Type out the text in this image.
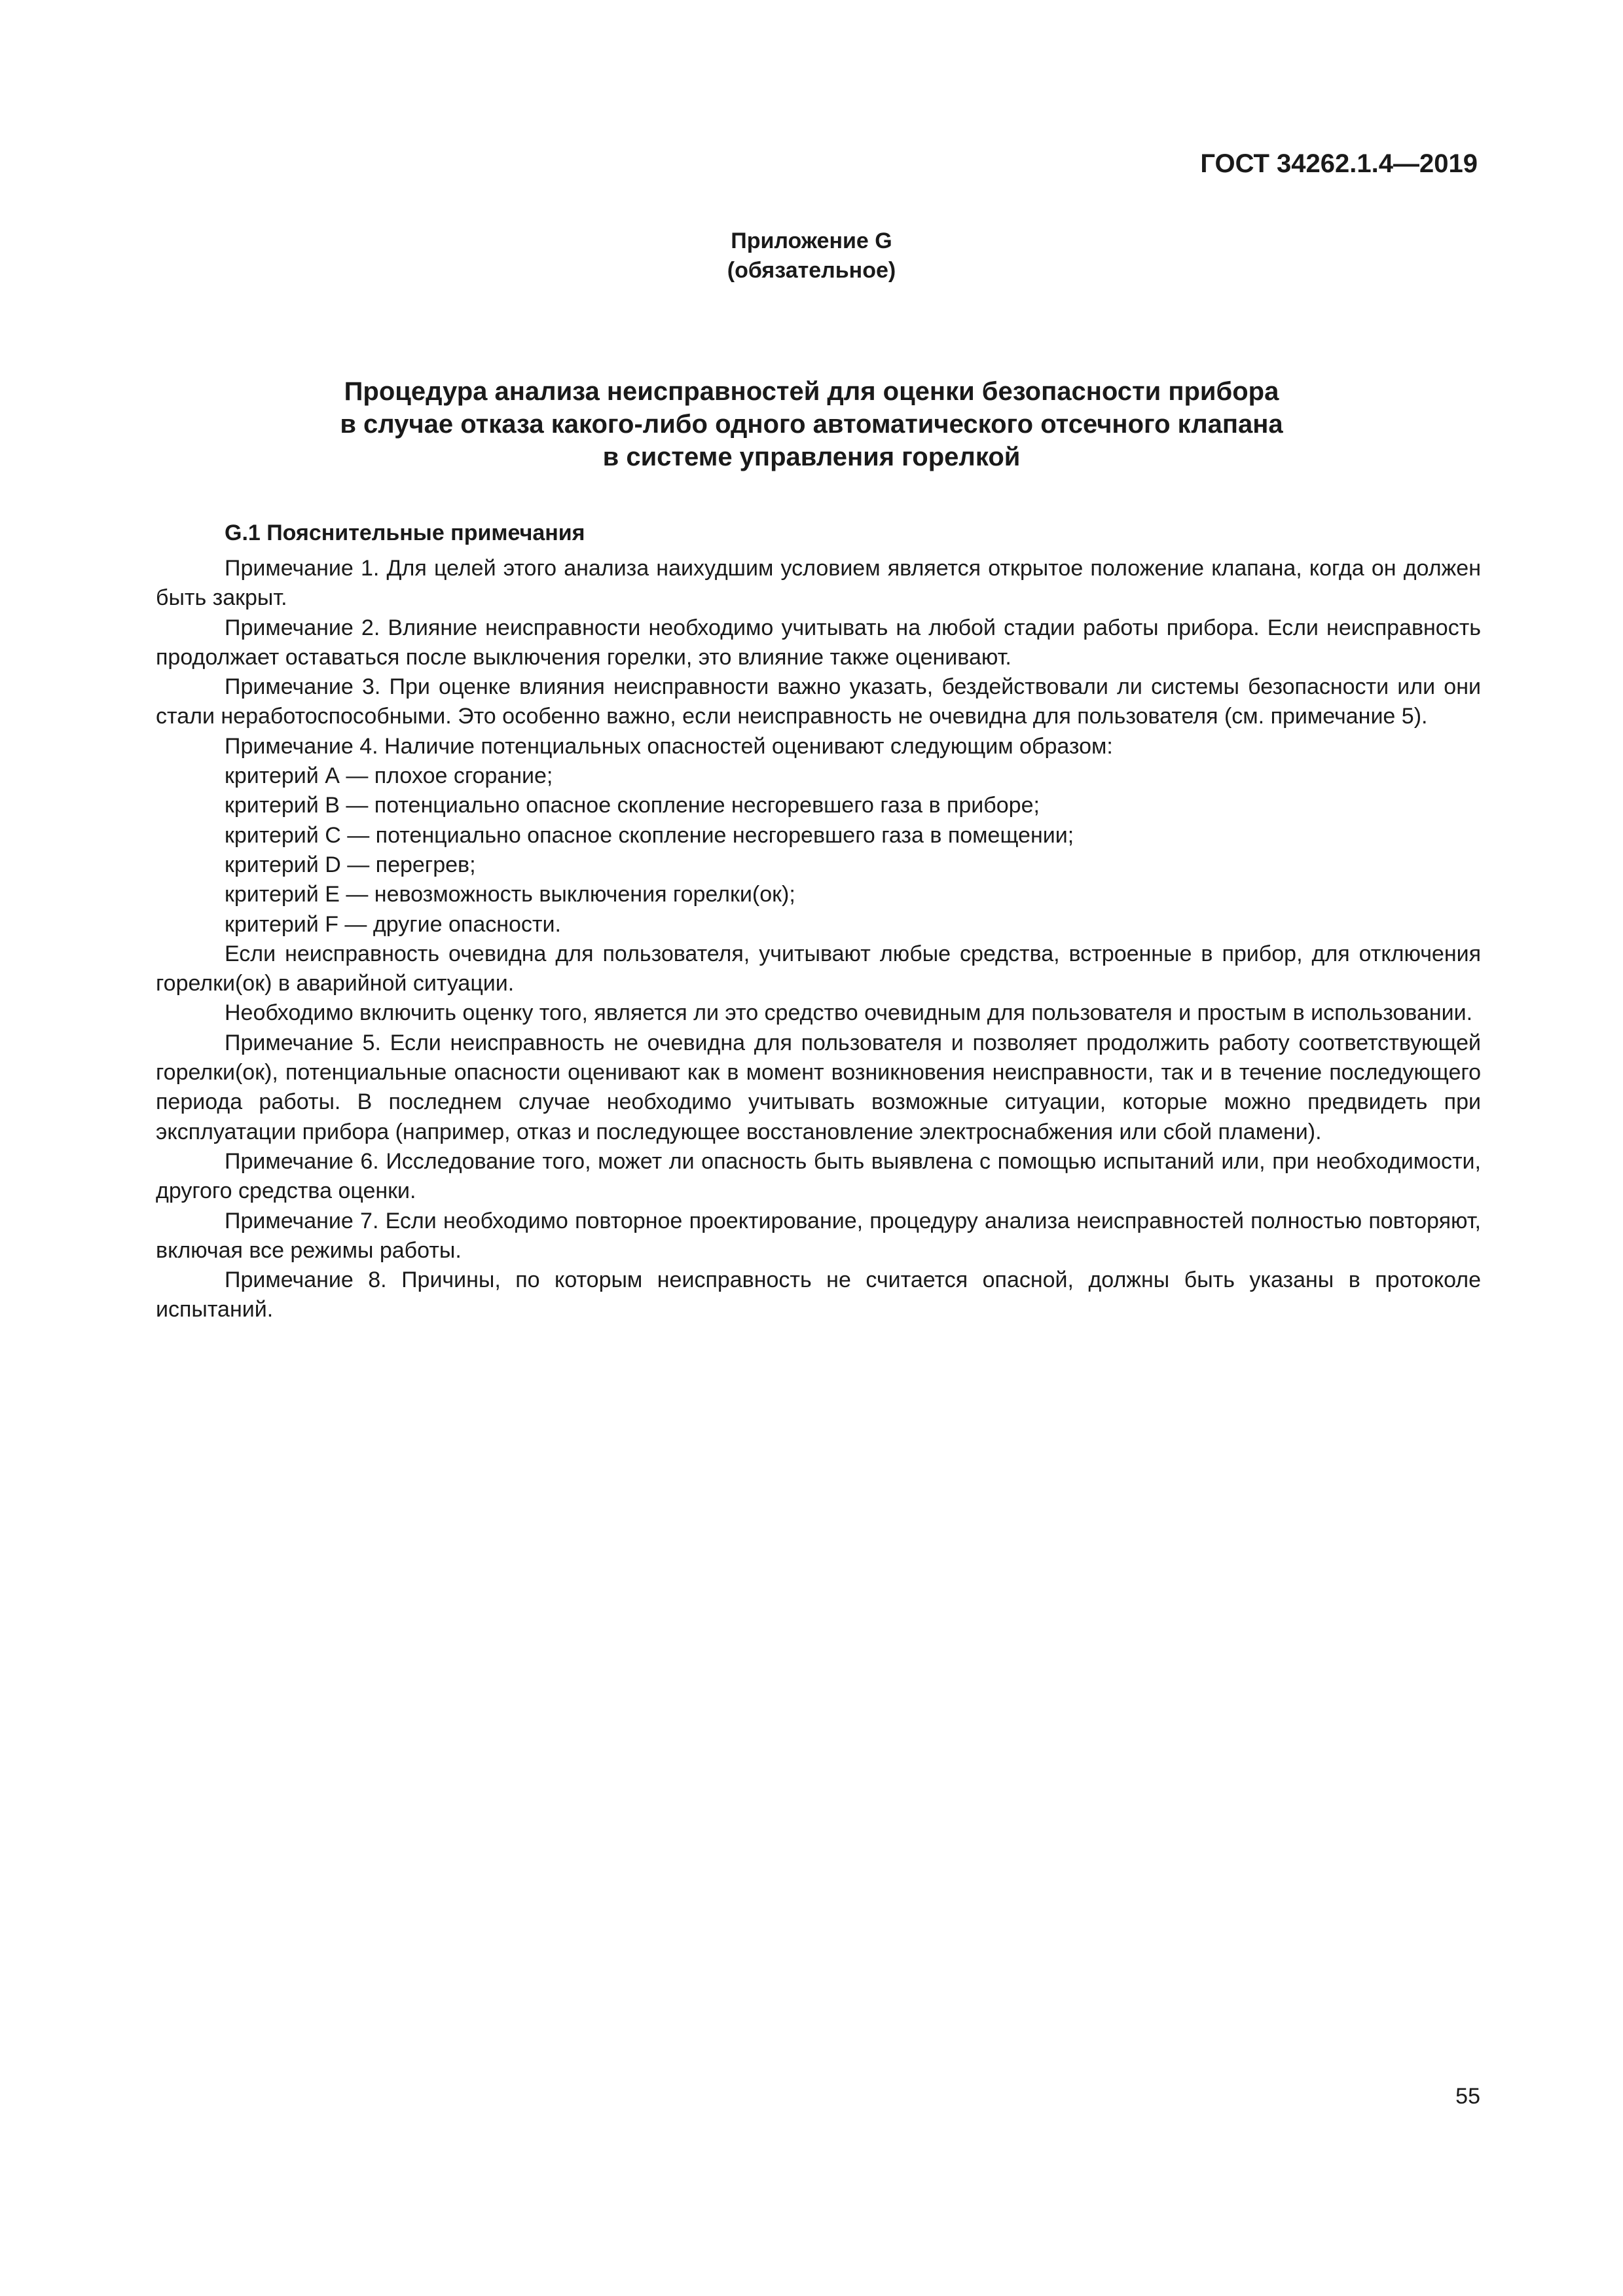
ГОСТ 34262.1.4—2019
Приложение G
(обязательное)
Процедура анализа неисправностей для оценки безопасности прибора
в случае отказа какого-либо одного автоматического отсечного клапана
в системе управления горелкой
G.1 Пояснительные примечания

Примечание 1. Для целей этого анализа наихудшим условием является открытое положение клапана, когда он должен быть закрыт.

Примечание 2. Влияние неисправности необходимо учитывать на любой стадии работы прибора. Если неисправность продолжает оставаться после выключения горелки, это влияние также оценивают.

Примечание 3. При оценке влияния неисправности важно указать, бездействовали ли системы безопасности или они стали неработоспособными. Это особенно важно, если неисправность не очевидна для пользователя (см. примечание 5).

Примечание 4. Наличие потенциальных опасностей оценивают следующим образом:

критерий А — плохое сгорание;

критерий В — потенциально опасное скопление несгоревшего газа в приборе;

критерий С — потенциально опасное скопление несгоревшего газа в помещении;

критерий D — перегрев;

критерий Е — невозможность выключения горелки(ок);

критерий F — другие опасности.

Если неисправность очевидна для пользователя, учитывают любые средства, встроенные в прибор, для отключения горелки(ок) в аварийной ситуации.

Необходимо включить оценку того, является ли это средство очевидным для пользователя и простым в использовании.

Примечание 5. Если неисправность не очевидна для пользователя и позволяет продолжить работу соответствующей горелки(ок), потенциальные опасности оценивают как в момент возникновения неисправности, так и в течение последующего периода работы. В последнем случае необходимо учитывать возможные ситуации, которые можно предвидеть при эксплуатации прибора (например, отказ и последующее восстановление электроснабжения или сбой пламени).

Примечание 6. Исследование того, может ли опасность быть выявлена с помощью испытаний или, при необходимости, другого средства оценки.

Примечание 7. Если необходимо повторное проектирование, процедуру анализа неисправностей полностью повторяют, включая все режимы работы.

Примечание 8. Причины, по которым неисправность не считается опасной, должны быть указаны в протоколе испытаний.

55
